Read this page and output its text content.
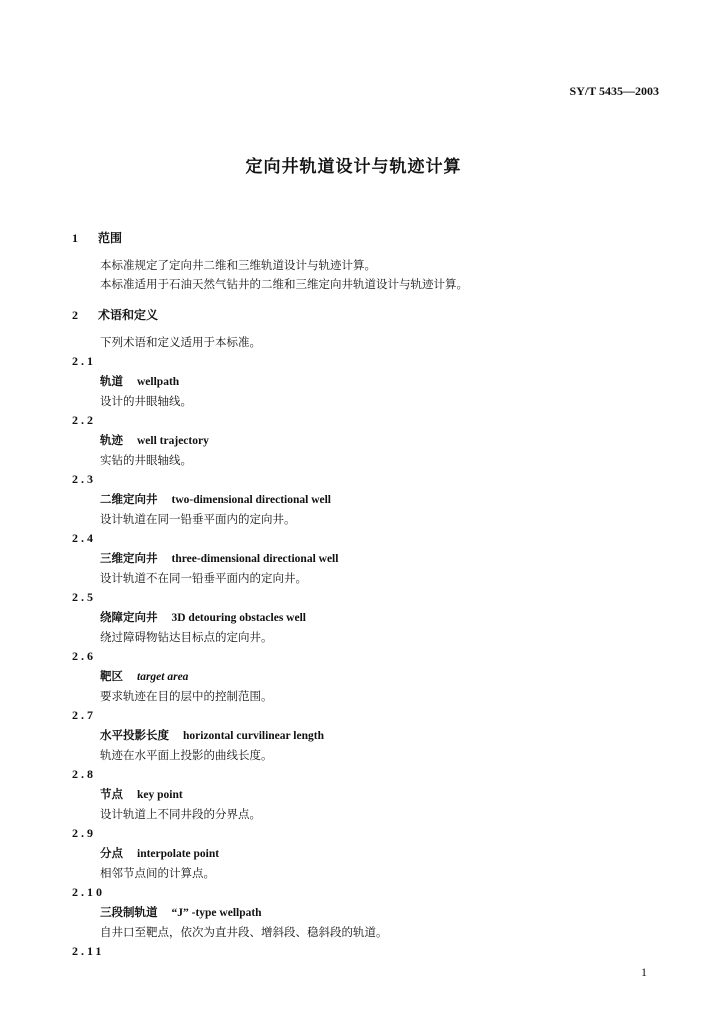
SY/T 5435—2003
定向井轨道设计与轨迹计算
1 范围
本标准规定了定向井二维和三维轨道设计与轨迹计算。
本标准适用于石油天然气钻井的二维和三维定向井轨道设计与轨迹计算。
2 术语和定义
下列术语和定义适用于本标准。
2.1
轨道 wellpath
设计的井眼轴线。
2.2
轨迹 well trajectory
实钻的井眼轴线。
2.3
二维定向井 two-dimensional directional well
设计轨道在同一铅垂平面内的定向井。
2.4
三维定向井 three-dimensional directional well
设计轨道不在同一铅垂平面内的定向井。
2.5
绕障定向井 3D detouring obstacles well
绕过障碍物钻达目标点的定向井。
2.6
靶区 target area
要求轨迹在目的层中的控制范围。
2.7
水平投影长度 horizontal curvilinear length
轨迹在水平面上投影的曲线长度。
2.8
节点 key point
设计轨道上不同井段的分界点。
2.9
分点 interpolate point
相邻节点间的计算点。
2.10
三段制轨道 “J” -type wellpath
自井口至靶点，依次为直井段、增斜段、稳斜段的轨道。
2.11
1
